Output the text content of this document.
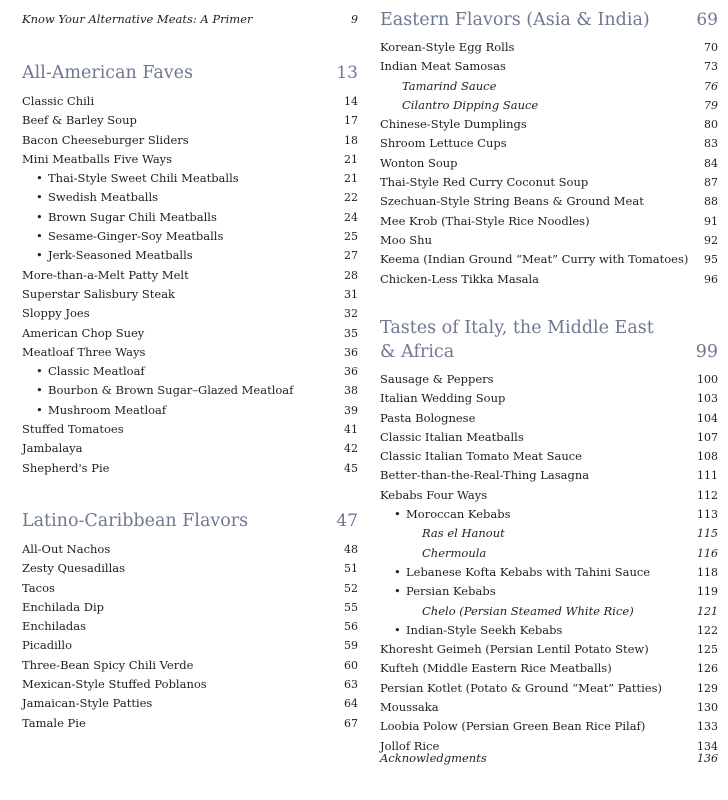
Know Your Alternative Meats: A Primer	9
All-American Faves	13
Classic Chili	14
Beef & Barley Soup	17
Bacon Cheeseburger Sliders	18
Mini Meatballs Five Ways	21
• Thai-Style Sweet Chili Meatballs	21
• Swedish Meatballs	22
• Brown Sugar Chili Meatballs	24
• Sesame-Ginger-Soy Meatballs	25
• Jerk-Seasoned Meatballs	27
More-than-a-Melt Patty Melt	28
Superstar Salisbury Steak	31
Sloppy Joes	32
American Chop Suey	35
Meatloaf Three Ways	36
• Classic Meatloaf	36
• Bourbon & Brown Sugar–Glazed Meatloaf	38
• Mushroom Meatloaf	39
Stuffed Tomatoes	41
Jambalaya	42
Shepherd's Pie	45
Latino-Caribbean Flavors	47
All-Out Nachos	48
Zesty Quesadillas	51
Tacos	52
Enchilada Dip	55
Enchiladas	56
Picadillo	59
Three-Bean Spicy Chili Verde	60
Mexican-Style Stuffed Poblanos	63
Jamaican-Style Patties	64
Tamale Pie	67
Eastern Flavors (Asia & India)	69
Korean-Style Egg Rolls	70
Indian Meat Samosas	73
Tamarind Sauce	76
Cilantro Dipping Sauce	79
Chinese-Style Dumplings	80
Shroom Lettuce Cups	83
Wonton Soup	84
Thai-Style Red Curry Coconut Soup	87
Szechuan-Style String Beans & Ground Meat	88
Mee Krob (Thai-Style Rice Noodles)	91
Moo Shu	92
Keema (Indian Ground “Meat” Curry with Tomatoes) 95
Chicken-Less Tikka Masala	96
Tastes of Italy, the Middle East
& Africa	99
Sausage & Peppers	100
Italian Wedding Soup	103
Pasta Bolognese	104
Classic Italian Meatballs	107
Classic Italian Tomato Meat Sauce	108
Better-than-the-Real-Thing Lasagna	111
Kebabs Four Ways	112
• Moroccan Kebabs	113
Ras el Hanout	115
Chermoula	116
• Lebanese Kofta Kebabs with Tahini Sauce	118
• Persian Kebabs	119
Chelo (Persian Steamed White Rice)	121
• Indian-Style Seekh Kebabs	122
Khoresht Geimeh (Persian Lentil Potato Stew)	125
Kufteh (Middle Eastern Rice Meatballs)	126
Persian Kotlet (Potato & Ground “Meat” Patties)	129
Moussaka	130
Loobia Polow (Persian Green Bean Rice Pilaf)	133
Jollof Rice	134
Acknowledgments	136
